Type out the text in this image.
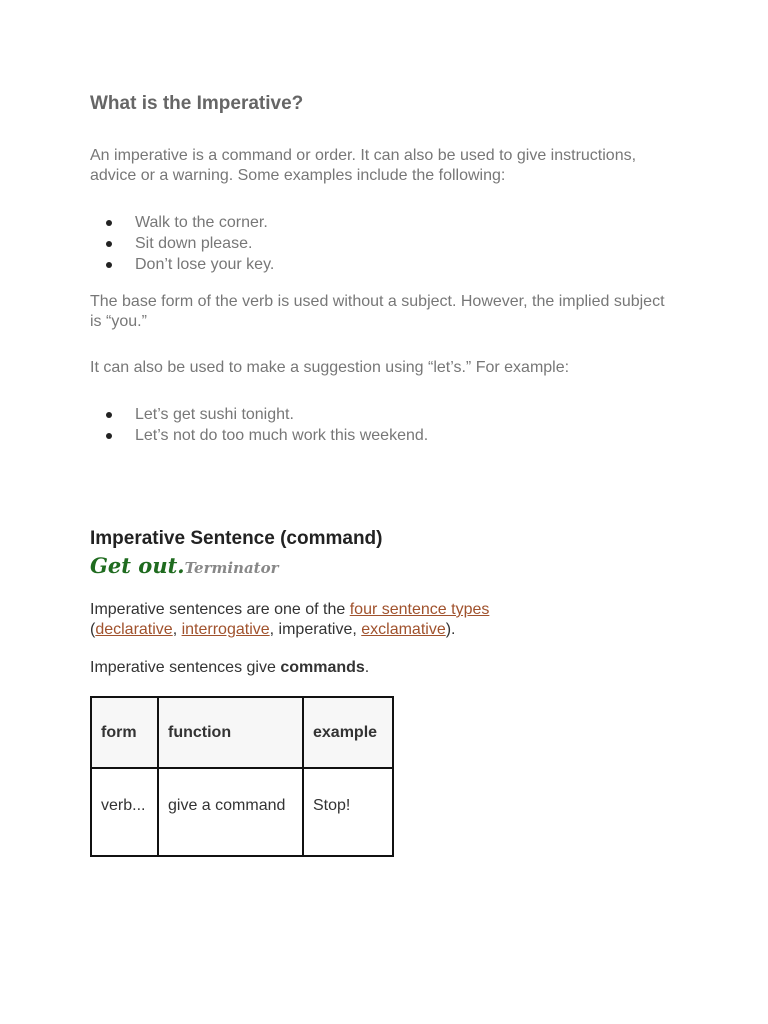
What is the Imperative?

An imperative is a command or order. It can also be used to give instructions, advice or a warning. Some examples include the following:

Walk to the corner.
Sit down please.
Don’t lose your key.

The base form of the verb is used without a subject. However, the implied subject is “you.”

It can also be used to make a suggestion using “let’s.” For example:

Let’s get sushi tonight.
Let’s not do too much work this weekend.
Imperative Sentence (command)
Get out.Terminator

Imperative sentences are one of the four sentence types (declarative, interrogative, imperative, exclamative).

Imperative sentences give commands.

form	function	example
verb...	give a command	Stop!
